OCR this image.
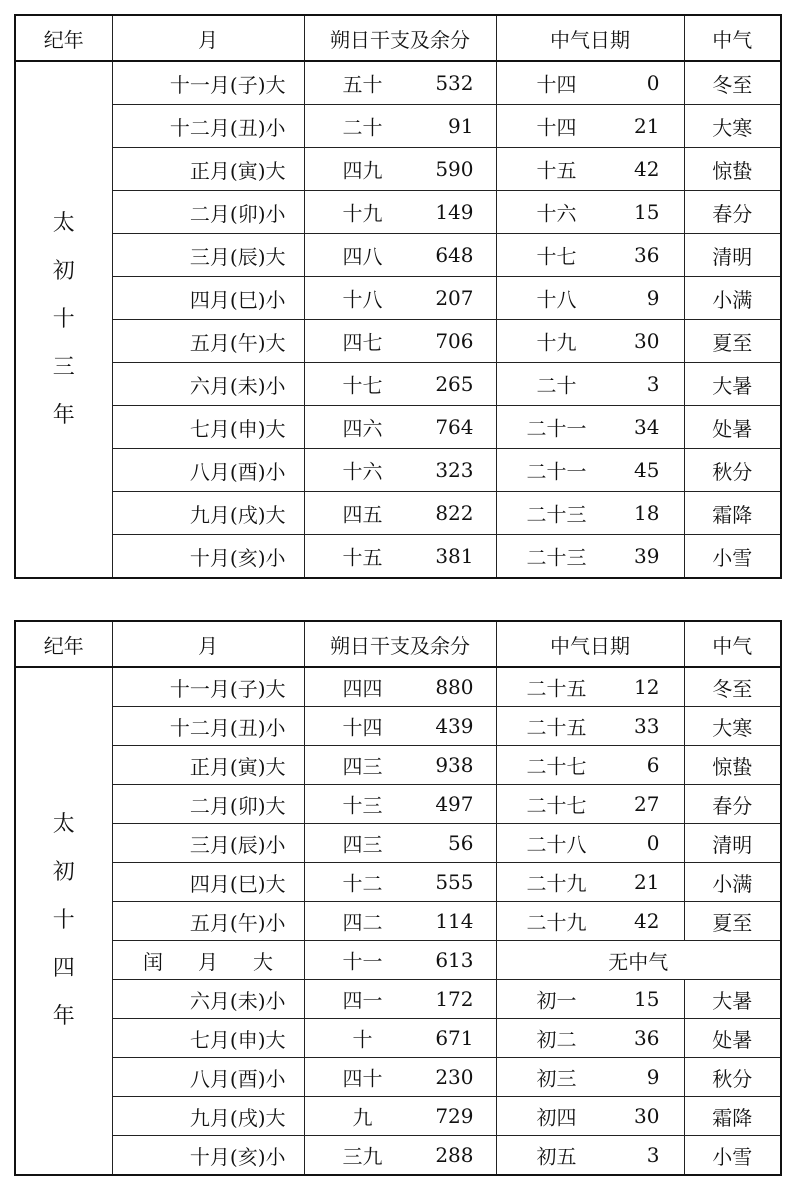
纪年	月	朔日干支及余分	中气日期	中气

太
初
十
三
年	十一月(子)大	五十 532	十四 0	冬至
	十二月(丑)小	二十 91	十四 21	大寒
	正月(寅)大	四九 590	十五 42	惊蛰
	二月(卯)小	十九 149	十六 15	春分
	三月(辰)大	四八 648	十七 36	清明
	四月(巳)小	十八 207	十八 9	小满
	五月(午)大	四七 706	十九 30	夏至
	六月(未)小	十七 265	二十 3	大暑
	七月(申)大	四六 764	二十一 34	处暑
	八月(酉)小	十六 323	二十一 45	秋分
	九月(戌)大	四五 822	二十三 18	霜降
	十月(亥)小	十五 381	二十三 39	小雪
纪年	月	朔日干支及余分	中气日期	中气

太
初
十
四
年	十一月(子)大	四四 880	二十五 12	冬至
	十二月(丑)小	十四 439	二十五 33	大寒
	正月(寅)大	四三 938	二十七 6	惊蛰
	二月(卯)大	十三 497	二十七 27	春分
	三月(辰)小	四三 56	二十八 0	清明
	四月(巳)大	十二 555	二十九 21	小满
	五月(午)小	四二 114	二十九 42	夏至
	闰月大	十一 613	无中气	
	六月(未)小	四一 172	初一 15	大暑
	七月(申)大	十 671	初二 36	处暑
	八月(酉)小	四十 230	初三 9	秋分
	九月(戌)大	九 729	初四 30	霜降
	十月(亥)小	三九 288	初五 3	小雪
